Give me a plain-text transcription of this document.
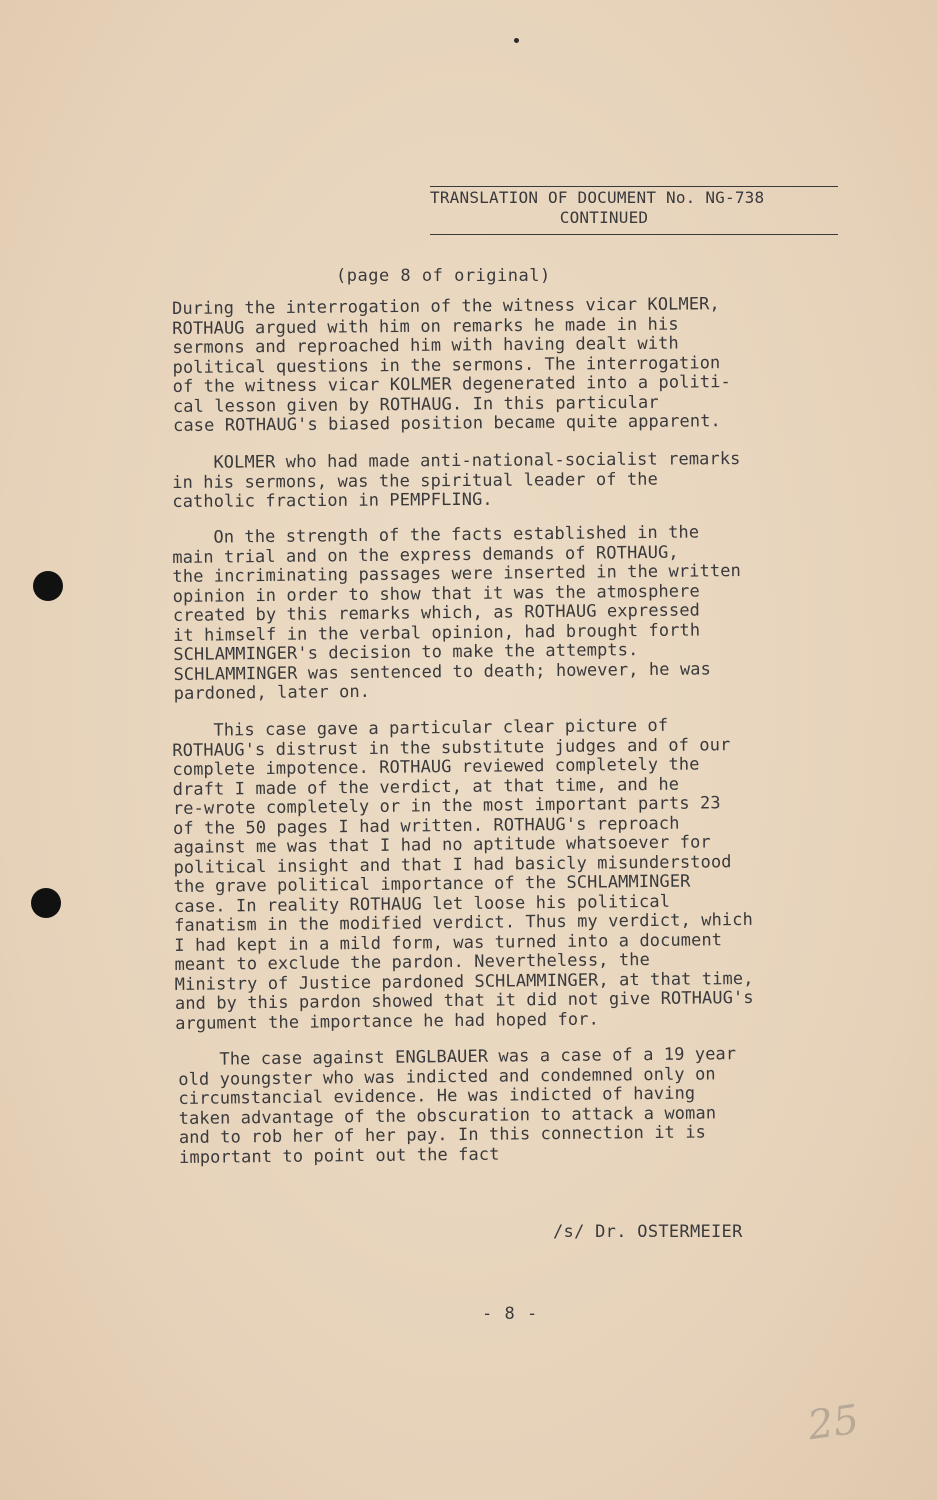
TRANSLATION OF DOCUMENT No. NG-738
CONTINUED
(page 8 of original)

During the interrogation of the witness vicar KOLMER,
ROTHAUG argued with him on remarks he made in his
sermons and reproached him with having dealt with
political questions in the sermons. The interrogation
of the witness vicar KOLMER degenerated into a politi-
cal lesson given by ROTHAUG. In this particular
case ROTHAUG's biased position became quite apparent.

KOLMER who had made anti-national-socialist remarks
in his sermons, was the spiritual leader of the
catholic fraction in PEMPFLING.

On the strength of the facts established in the
main trial and on the express demands of ROTHAUG,
the incriminating passages were inserted in the written
opinion in order to show that it was the atmosphere
created by this remarks which, as ROTHAUG expressed
it himself in the verbal opinion, had brought forth
SCHLAMMINGER's decision to make the attempts.
SCHLAMMINGER was sentenced to death; however, he was
pardoned, later on.

This case gave a particular clear picture of
ROTHAUG's distrust in the substitute judges and of our
complete impotence. ROTHAUG reviewed completely the
draft I made of the verdict, at that time, and he
re-wrote completely or in the most important parts 23
of the 50 pages I had written. ROTHAUG's reproach
against me was that I had no aptitude whatsoever for
political insight and that I had basicly misunderstood
the grave political importance of the SCHLAMMINGER
case. In reality ROTHAUG let loose his political
fanatism in the modified verdict. Thus my verdict, which
I had kept in a mild form, was turned into a document
meant to exclude the pardon. Nevertheless, the
Ministry of Justice pardoned SCHLAMMINGER, at that time,
and by this pardon showed that it did not give ROTHAUG's
argument the importance he had hoped for.

The case against ENGLBAUER was a case of a 19 year
old youngster who was indicted and condemned only on
circumstancial evidence. He was indicted of having
taken advantage of the obscuration to attack a woman
and to rob her of her pay. In this connection it is
important to point out the fact

/s/ Dr. OSTERMEIER
- 8 -
25
